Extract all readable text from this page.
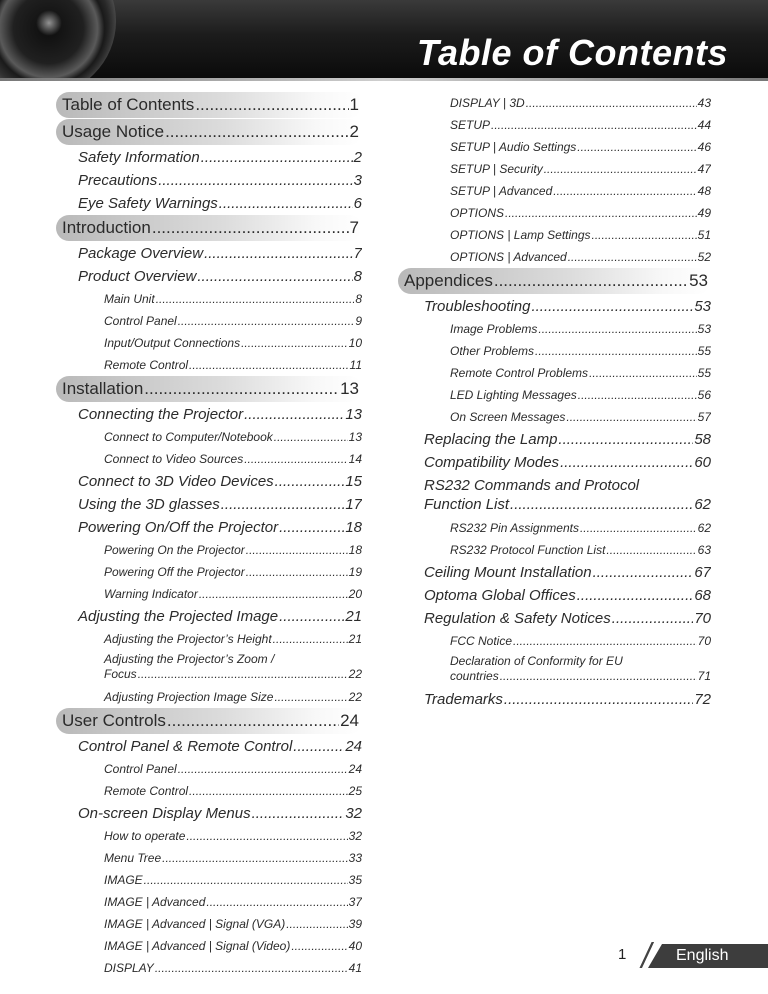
Table of Contents
Table of Contents .....	1
Usage Notice .....	2
Safety Information .....	2
Precautions .....	3
Eye Safety Warnings .....	6
Introduction .....	7
Package Overview .....	7
Product Overview .....	8
Main Unit .....	8
Control Panel .....	9
Input/Output Connections .....	10
Remote Control .....	11
Installation .....	13
Connecting the Projector .....	13
Connect to Computer/Notebook .....	13
Connect to Video Sources .....	14
Connect to 3D Video Devices .....	15
Using the 3D glasses .....	17
Powering On/Off the Projector .....	18
Powering On the Projector .....	18
Powering Off the Projector .....	19
Warning Indicator .....	20
Adjusting the Projected Image .....	21
Adjusting the Projector’s Height .....	21
Adjusting the Projector’s Zoom /
Focus .....	22
Adjusting Projection Image Size .....	22
User Controls .....	24
Control Panel & Remote Control .....	24
Control Panel .....	24
Remote Control .....	25
On-screen Display Menus .....	32
How to operate .....	32
Menu Tree .....	33
IMAGE .....	35
IMAGE | Advanced .....	37
IMAGE | Advanced | Signal (VGA) .....	39
IMAGE | Advanced | Signal (Video) .....	40
DISPLAY .....	41
DISPLAY | 3D .....	43
SETUP .....	44
SETUP | Audio Settings .....	46
SETUP | Security .....	47
SETUP | Advanced .....	48
OPTIONS .....	49
OPTIONS | Lamp Settings .....	51
OPTIONS | Advanced .....	52
Appendices .....	53
Troubleshooting .....	53
Image Problems .....	53
Other Problems .....	55
Remote Control Problems .....	55
LED Lighting Messages .....	56
On Screen Messages .....	57
Replacing the Lamp .....	58
Compatibility Modes .....	60
RS232 Commands and Protocol
Function List .....	62
RS232 Pin Assignments .....	62
RS232 Protocol Function List .....	63
Ceiling Mount Installation .....	67
Optoma Global Offices .....	68
Regulation & Safety Notices .....	70
FCC Notice .....	70
Declaration of Conformity for EU
countries .....	71
Trademarks .....	72
1	English
